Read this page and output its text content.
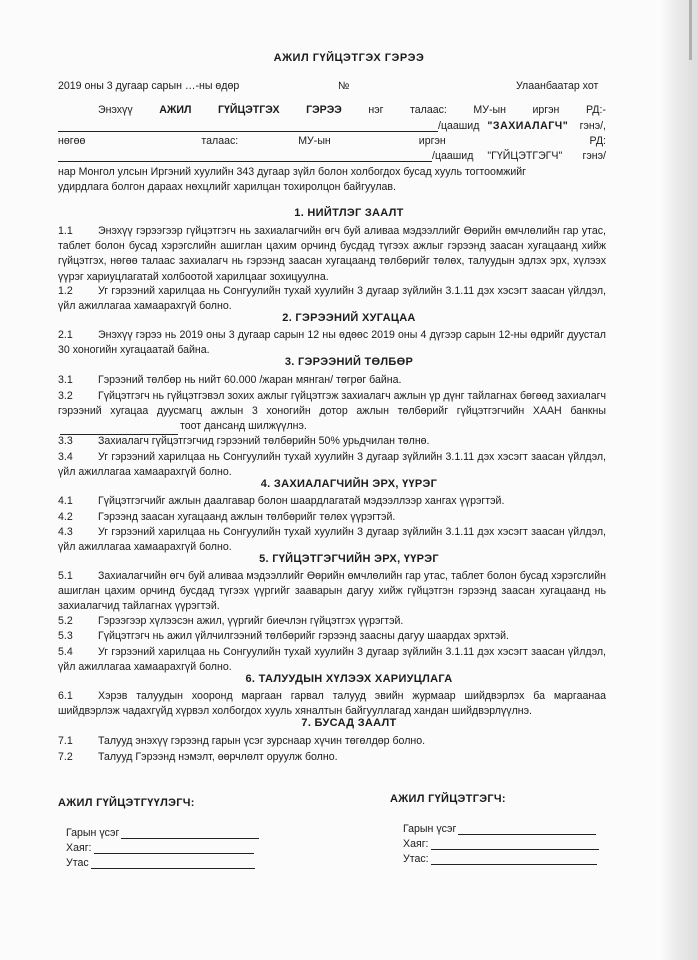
АЖИЛ ГҮЙЦЭТГЭХ ГЭРЭЭ
2019 оны 3 дугаар сарын …-ны өдөр	№	Улаанбаатар хот
Энэхүү	АЖИЛ	ГҮЙЦЭТГЭХ	ГЭРЭЭ	нэг	талаас:	МУ-ын	иргэн	РД:-
/цаашид "ЗАХИАЛАГЧ" гэнэ/,
нөгөө	талаас:	МУ-ын	иргэн	РД:
/цаашид "ГҮЙЦЭТГЭГЧ" гэнэ/
нар Монгол улсын Иргэний хуулийн 343 дугаар зүйл болон холбогдох бусад хууль тогтоомжийг
удирдлага болгон дараах нөхцлийг харилцан тохиролцон байгуулав.
1. НИЙТЛЭГ ЗААЛТ
1.1 Энэхүү гэрээгээр гүйцэтгэгч нь захиалагчийн өгч буй аливаа мэдээллийг Өөрийн өмчлөлийн гар утас, таблет болон бусад хэрэгслийн ашиглан цахим орчинд бусдад түгээх ажлыг гэрээнд заасан хугацаанд хийж гүйцэтгэх, нөгөө талаас захиалагч нь гэрээнд заасан хугацаанд төлбөрийг төлөх, талуудын эдлэх эрх, хүлээх үүрэг хариуцлагатай холбоотой харилцааг зохицуулна.
1.2 Уг гэрээний харилцаа нь Сонгуулийн тухай хуулийн 3 дугаар зүйлийн 3.1.11 дэх хэсэгт заасан үйлдэл, үйл ажиллагаа хамаарахгүй болно.
2. ГЭРЭЭНИЙ ХУГАЦАА
2.1 Энэхүү гэрээ нь 2019 оны 3 дугаар сарын 12 ны өдөөс 2019 оны 4 дүгээр сарын 12-ны өдрийг дуустал 30 хоногийн хугацаатай байна.
3. ГЭРЭЭНИЙ ТӨЛБӨР
3.1 Гэрээний төлбөр нь нийт 60.000 /жаран мянган/ төгрөг байна.
3.2 Гүйцэтгэгч нь гүйцэтгэвэл зохих ажлыг гүйцэтгэж захиалагч ажлын үр дүнг тайлагнах бөгөөд захиалагч гэрээний хугацаа дуусмагц ажлын 3 хоногийн дотор ажлын төлбөрийг гүйцэтгэгчийн ХААН банкнытоот дансанд шилжүүлнэ.
3.3 Захиалагч гүйцэтгэгчид гэрээний төлбөрийн 50% урьдчилан төлнө.
3.4 Уг гэрээний харилцаа нь Сонгуулийн тухай хуулийн 3 дугаар зүйлийн 3.1.11 дэх хэсэгт заасан үйлдэл, үйл ажиллагаа хамаарахгүй болно.
4. ЗАХИАЛАГЧИЙН ЭРХ, ҮҮРЭГ
4.1 Гүйцэтгэгчийг ажлын даалгавар болон шаардлагатай мэдээллээр хангах үүрэгтэй.
4.2 Гэрээнд заасан хугацаанд ажлын төлбөрийг төлөх үүрэгтэй.
4.3 Уг гэрээний харилцаа нь Сонгуулийн тухай хуулийн 3 дугаар зүйлийн 3.1.11 дэх хэсэгт заасан үйлдэл, үйл ажиллагаа хамаарахгүй болно.
5. ГҮЙЦЭТГЭГЧИЙН ЭРХ, ҮҮРЭГ
5.1 Захиалагчийн өгч буй аливаа мэдээллийг Өөрийн өмчлөлийн гар утас, таблет болон бусад хэрэгслийн ашиглан цахим орчинд бусдад түгээх үүргийг зааварын дагуу хийж гүйцэтгэн гэрээнд заасан хугацаанд нь захиалагчид тайлагнах үүрэгтэй.
5.2 Гэрээгээр хүлээсэн ажил, үүргийг биечлэн гүйцэтгэх үүрэгтэй.
5.3 Гүйцэтгэгч нь ажил үйлчилгээний төлбөрийг гэрээнд заасны дагуу шаардах эрхтэй.
5.4 Уг гэрээний харилцаа нь Сонгуулийн тухай хуулийн 3 дугаар зүйлийн 3.1.11 дэх хэсэгт заасан үйлдэл, үйл ажиллагаа хамаарахгүй болно.
6. ТАЛУУДЫН ХҮЛЭЭХ ХАРИУЦЛАГА
6.1 Хэрэв талуудын хооронд маргаан гарвал талууд эвийн журмаар шийдвэрлэх ба маргаанаа шийдвэрлэж чадахгүйд хүрвэл холбогдох хууль хяналтын байгууллагад хандан шийдвэрлүүлнэ.
7. БУСАД ЗААЛТ
7.1 Талууд энэхүү гэрээнд гарын үсэг зурснаар хүчин төгөлдөр болно.
7.2 Талууд Гэрээнд нэмэлт, өөрчлөлт оруулж болно.
АЖИЛ ГҮЙЦЭТГҮҮЛЭГЧ:
Гарын үсэг
Хаяг:
Утас
АЖИЛ ГҮЙЦЭТГЭГЧ:
Гарын үсэг
Хаяг:
Утас:
